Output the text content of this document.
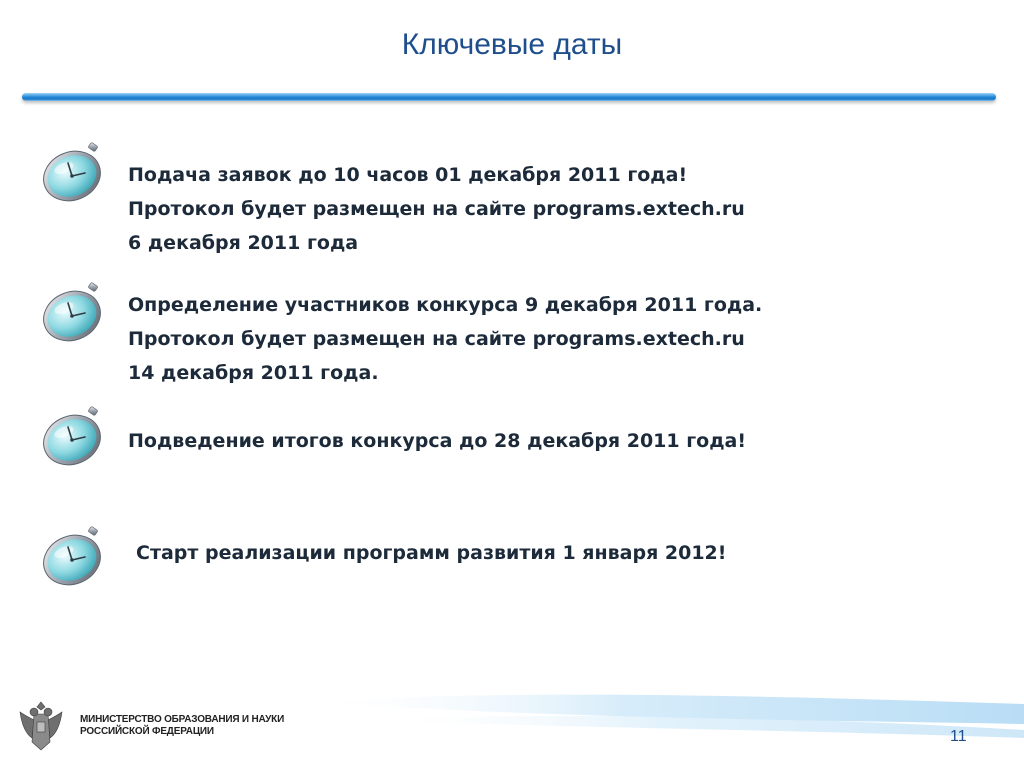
Ключевые даты
Подача заявок до 10 часов 01 декабря 2011 года!
Протокол будет размещен на сайте programs.extech.ru
6 декабря 2011 года
Определение участников конкурса 9 декабря 2011 года.
Протокол будет размещен на сайте programs.extech.ru
14 декабря 2011 года.
Подведение итогов конкурса до 28 декабря 2011 года!
Старт реализации программ развития 1 января 2012!
МИНИСТЕРСТВО ОБРАЗОВАНИЯ И НАУКИ
РОССИЙСКОЙ ФЕДЕРАЦИИ	11
